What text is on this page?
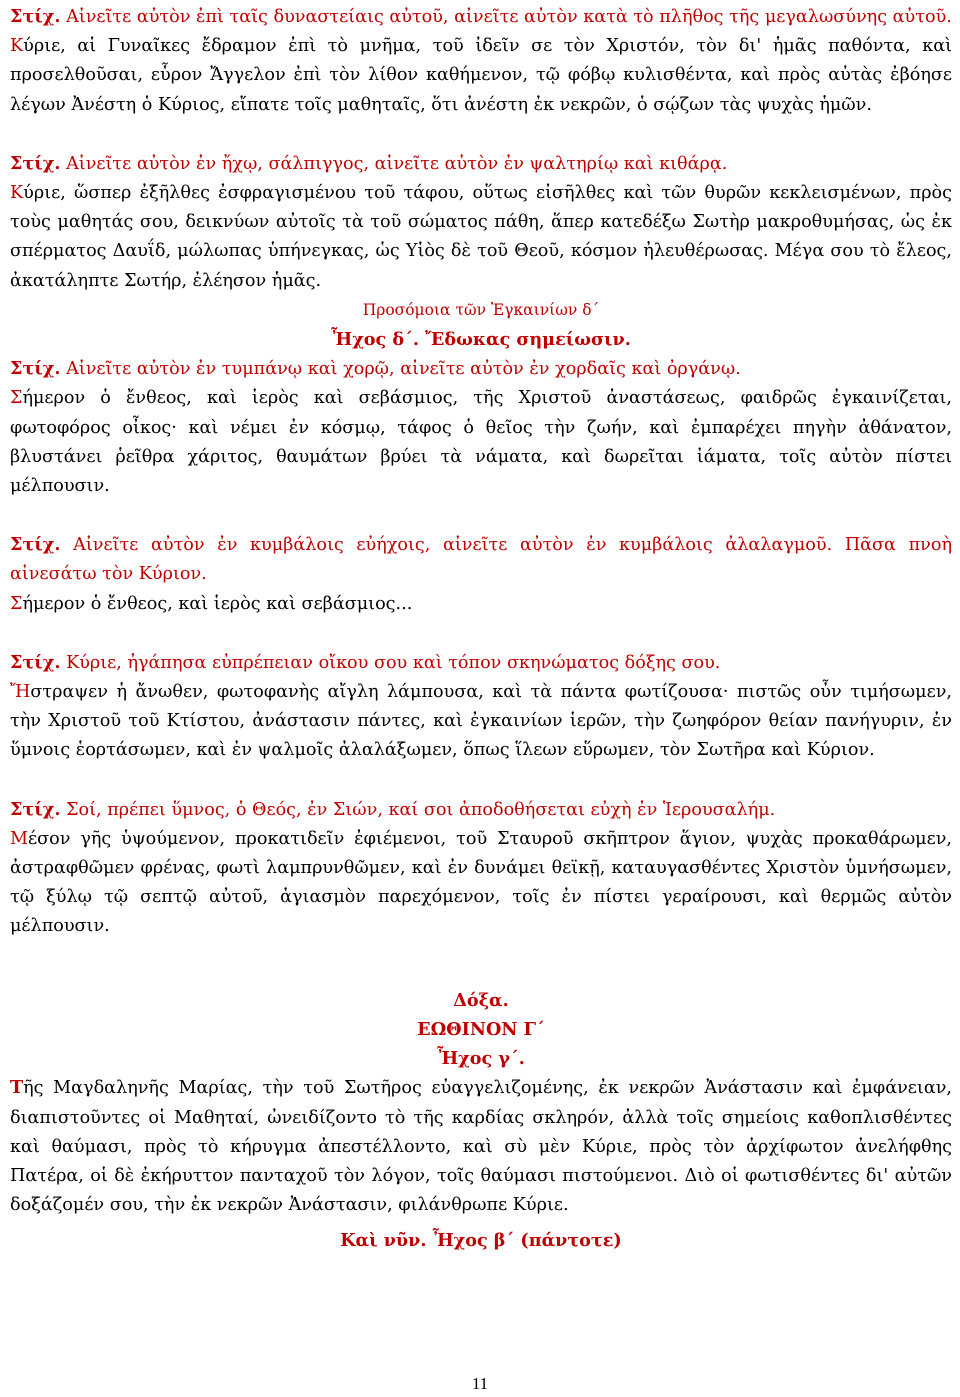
Στίχ. Αἰνεῖτε αὐτὸν ἐπὶ ταῖς δυναστείαις αὐτοῦ, αἰνεῖτε αὐτὸν κατὰ τὸ πλῆθος τῆς μεγαλωσύνης αὐτοῦ.

Κύριε, αἱ Γυναῖκες ἔδραμον ἐπὶ τὸ μνῆμα, τοῦ ἰδεῖν σε τὸν Χριστόν, τὸν δι' ἡμᾶς παθόντα, καὶ προσελθοῦσαι, εὗρον Ἄγγελον ἐπὶ τὸν λίθον καθήμενον, τῷ φόβῳ κυλισθέντα, καὶ πρὸς αὐτὰς ἐβόησε λέγων Ἀνέστη ὁ Κύριος, εἴπατε τοῖς μαθηταῖς, ὅτι ἀνέστη ἐκ νεκρῶν, ὁ σῴζων τὰς ψυχὰς ἡμῶν.

Στίχ. Αἰνεῖτε αὐτὸν ἐν ἤχῳ, σάλπιγγος, αἰνεῖτε αὐτὸν ἐν ψαλτηρίῳ καὶ κιθάρᾳ.

Κύριε, ὥσπερ ἐξῆλθες ἐσφραγισμένου τοῦ τάφου, οὕτως εἰσῆλθες καὶ τῶν θυρῶν κεκλεισμένων, πρὸς τοὺς μαθητάς σου, δεικνύων αὐτοῖς τὰ τοῦ σώματος πάθη, ἅπερ κατεδέξω Σωτὴρ μακροθυμήσας, ὡς ἐκ σπέρματος Δαυΐδ, μώλωπας ὑπήνεγκας, ὡς Υἱὸς δὲ τοῦ Θεοῦ, κόσμον ἠλευθέρωσας. Μέγα σου τὸ ἔλεος, ἀκατάληπτε Σωτήρ, ἐλέησον ἡμᾶς.

Προσόμοια τῶν Ἐγκαινίων δ´

Ἦχος δ´. Ἔδωκας σημείωσιν.

Στίχ. Αἰνεῖτε αὐτὸν ἐν τυμπάνῳ καὶ χορῷ, αἰνεῖτε αὐτὸν ἐν χορδαῖς καὶ ὀργάνῳ.

Σήμερον ὁ ἔνθεος, καὶ ἱερὸς καὶ σεβάσμιος, τῆς Χριστοῦ ἀναστάσεως, φαιδρῶς ἐγκαινίζεται, φωτοφόρος οἶκος· καὶ νέμει ἐν κόσμῳ, τάφος ὁ θεῖος τὴν ζωήν, καὶ ἐμπαρέχει πηγὴν ἀθάνατον, βλυστάνει ῥεῖθρα χάριτος, θαυμάτων βρύει τὰ νάματα, καὶ δωρεῖται ἰάματα, τοῖς αὐτὸν πίστει μέλπουσιν.

Στίχ. Αἰνεῖτε αὐτὸν ἐν κυμβάλοις εὐήχοις, αἰνεῖτε αὐτὸν ἐν κυμβάλοις ἀλαλαγμοῦ. Πᾶσα πνοὴ αἰνεσάτω τὸν Κύριον.

Σήμερον ὁ ἔνθεος, καὶ ἱερὸς καὶ σεβάσμιος...

Στίχ. Κύριε, ἠγάπησα εὐπρέπειαν οἴκου σου καὶ τόπον σκηνώματος δόξης σου.

Ἤστραψεν ἡ ἄνωθεν, φωτοφανὴς αἴγλη λάμπουσα, καὶ τὰ πάντα φωτίζουσα· πιστῶς οὖν τιμήσωμεν, τὴν Χριστοῦ τοῦ Κτίστου, ἀνάστασιν πάντες, καὶ ἐγκαινίων ἱερῶν, τὴν ζωηφόρον θείαν πανήγυριν, ἐν ὕμνοις ἑορτάσωμεν, καὶ ἐν ψαλμοῖς ἀλαλάξωμεν, ὅπως ἵλεων εὕρωμεν, τὸν Σωτῆρα καὶ Κύριον.

Στίχ. Σοί, πρέπει ὕμνος, ὁ Θεός, ἐν Σιών, καί σοι ἀποδοθήσεται εὐχὴ ἐν Ἱερουσαλήμ.

Μέσον γῆς ὑψούμενον, προκατιδεῖν ἐφιέμενοι, τοῦ Σταυροῦ σκῆπτρον ἅγιον, ψυχὰς προκαθάρωμεν, ἀστραφθῶμεν φρένας, φωτὶ λαμπρυνθῶμεν, καὶ ἐν δυνάμει θεϊκῇ, καταυγασθέντες Χριστὸν ὑμνήσωμεν, τῷ ξύλῳ τῷ σεπτῷ αὐτοῦ, ἁγιασμὸν παρεχόμενον, τοῖς ἐν πίστει γεραίρουσι, καὶ θερμῶς αὐτὸν μέλπουσιν.

Δόξα.

ΕΩΘΙΝΟΝ Γ΄

Ἦχος γ´.

Τῆς Μαγδαληνῆς Μαρίας, τὴν τοῦ Σωτῆρος εὐαγγελιζομένης, ἐκ νεκρῶν Ἀνάστασιν καὶ ἐμφάνειαν, διαπιστοῦντες οἱ Μαθηταί, ὠνειδίζοντο τὸ τῆς καρδίας σκληρόν, ἀλλὰ τοῖς σημείοις καθοπλισθέντες καὶ θαύμασι, πρὸς τὸ κήρυγμα ἀπεστέλλοντο, καὶ σὺ μὲν Κύριε, πρὸς τὸν ἀρχίφωτον ἀνελήφθης Πατέρα, οἱ δὲ ἐκήρυττον πανταχοῦ τὸν λόγον, τοῖς θαύμασι πιστούμενοι. Διὸ οἱ φωτισθέντες δι' αὐτῶν δοξάζομέν σου, τὴν ἐκ νεκρῶν Ἀνάστασιν, φιλάνθρωπε Κύριε.

Καὶ νῦν. Ἦχος β΄ (πάντοτε)

11
